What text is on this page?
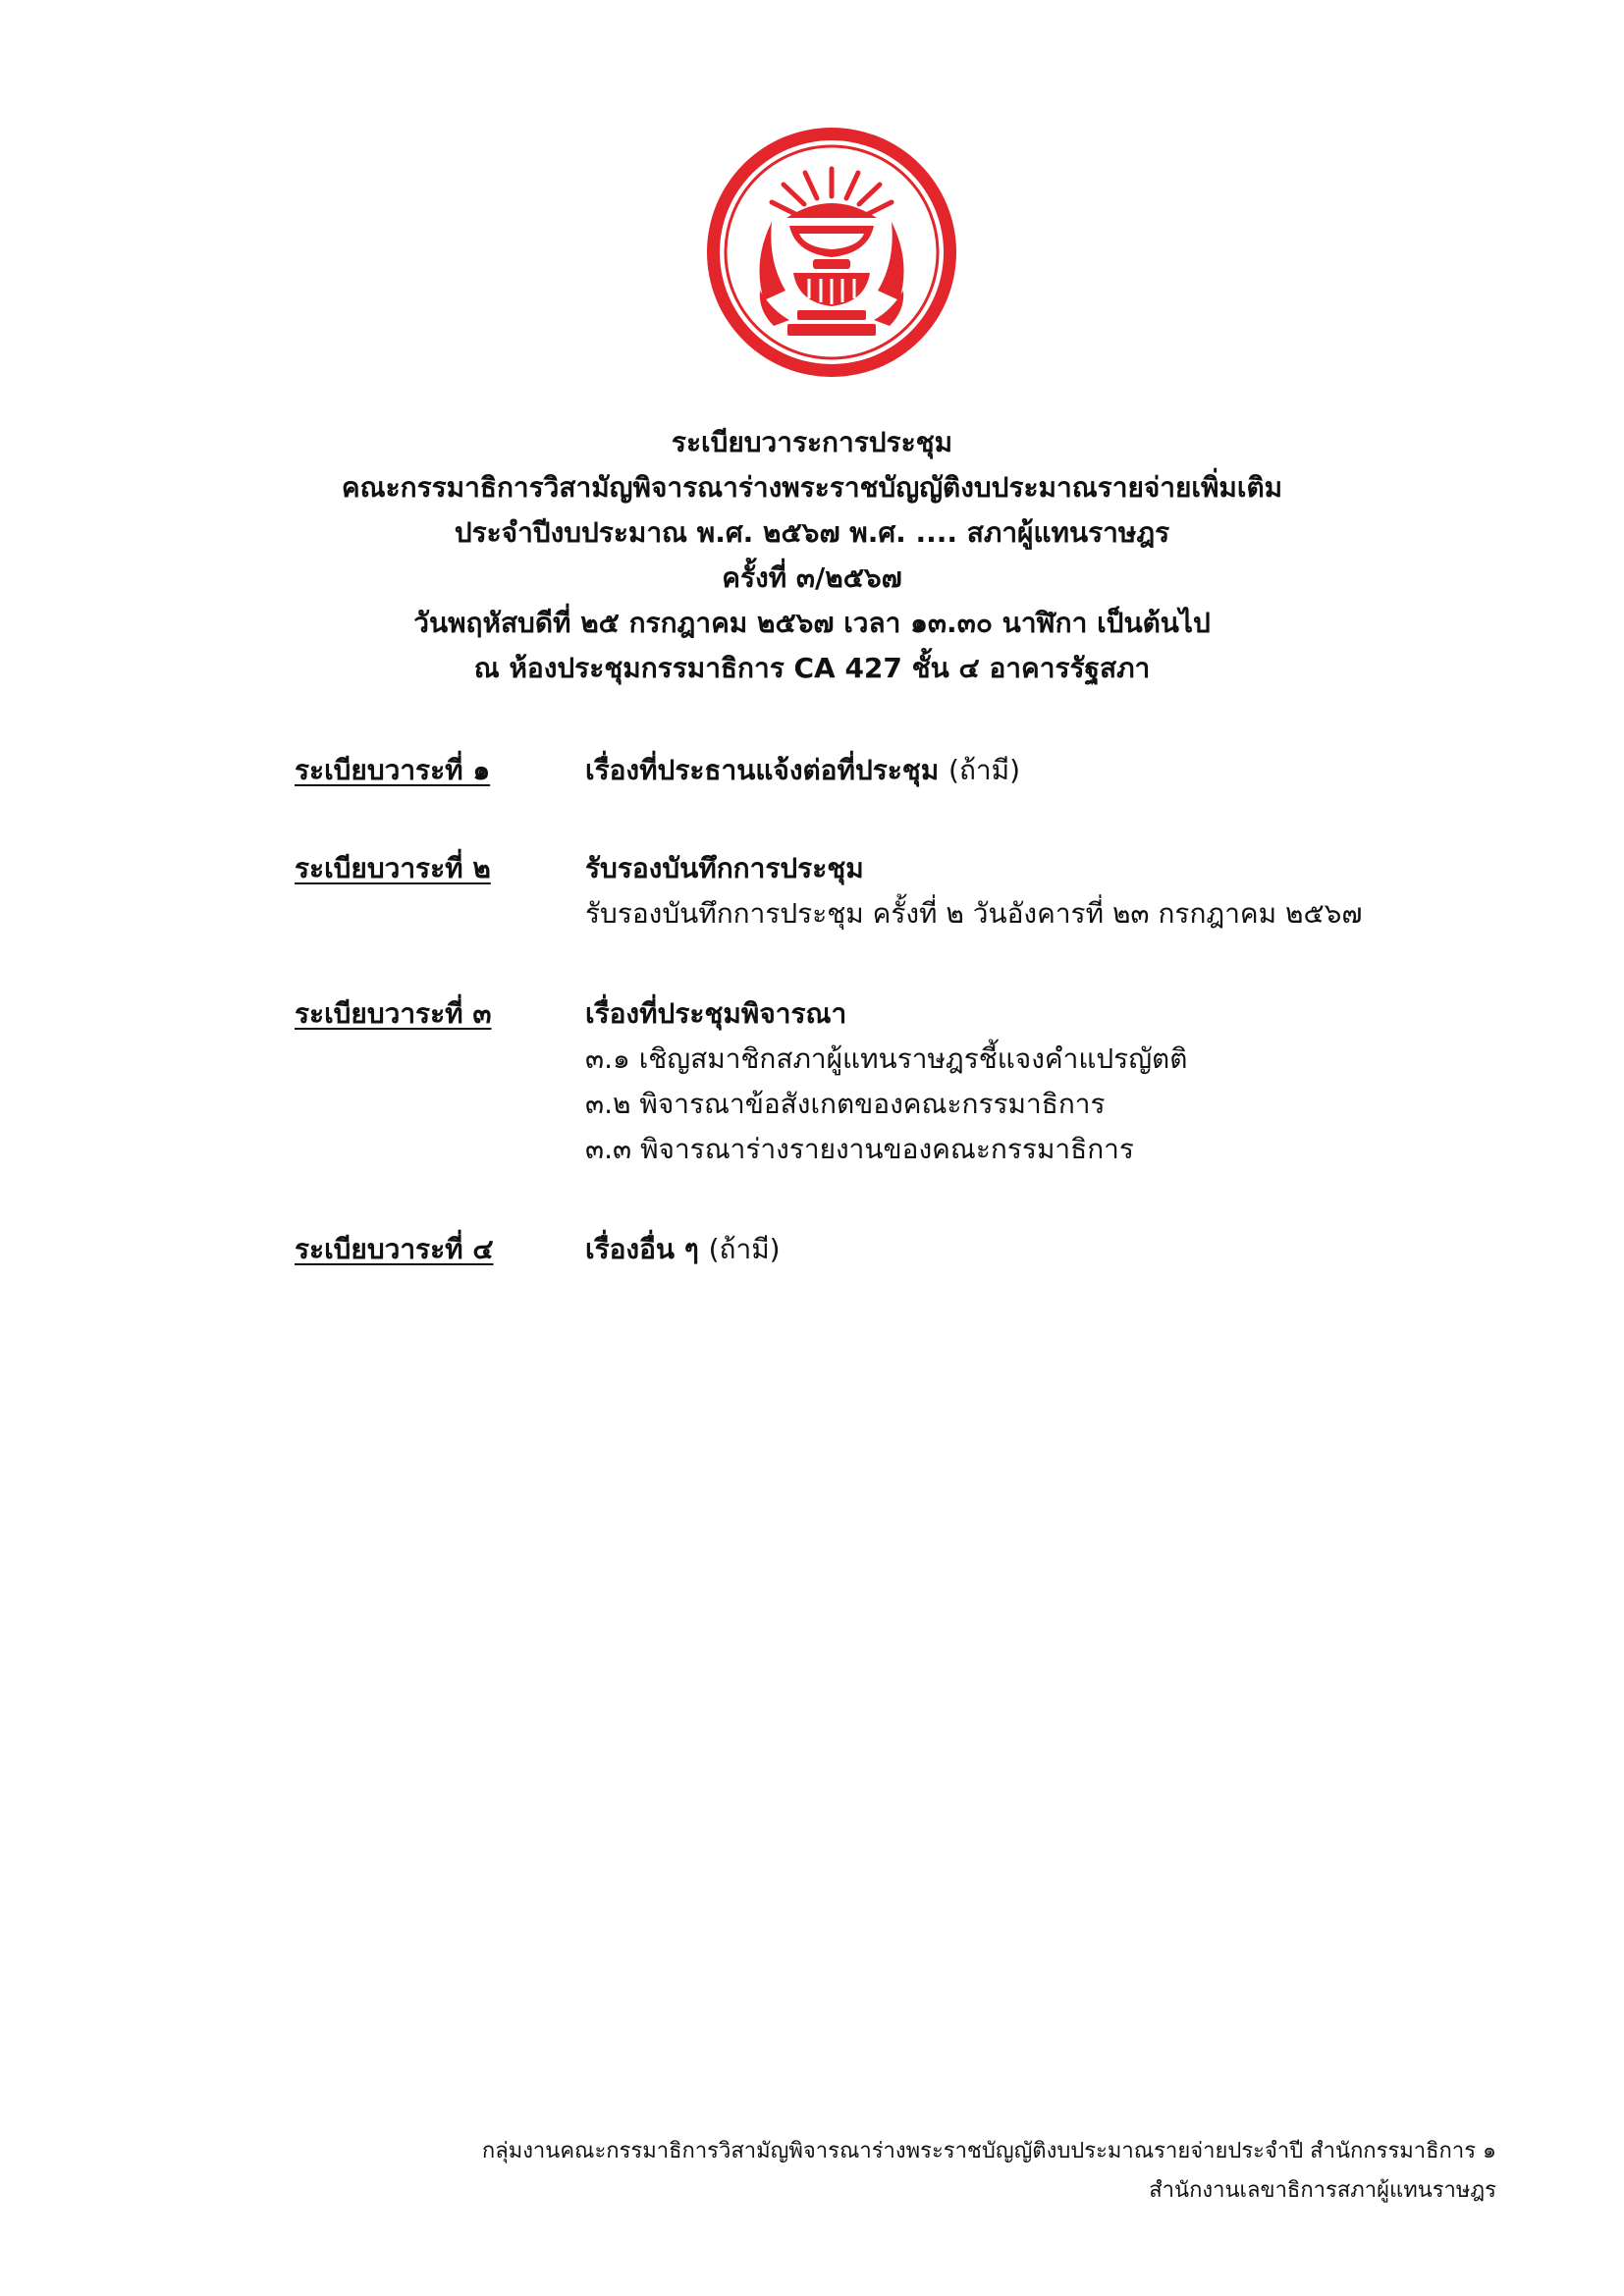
ระเบียบวาระการประชุม
คณะกรรมาธิการวิสามัญพิจารณาร่างพระราชบัญญัติงบประมาณรายจ่ายเพิ่มเติม
ประจำปีงบประมาณ พ.ศ. ๒๕๖๗ พ.ศ. .... สภาผู้แทนราษฎร
ครั้งที่ ๓/๒๕๖๗
วันพฤหัสบดีที่ ๒๕ กรกฎาคม ๒๕๖๗ เวลา ๑๓.๓๐ นาฬิกา เป็นต้นไป
ณ ห้องประชุมกรรมาธิการ CA 427 ชั้น ๔ อาคารรัฐสภา
ระเบียบวาระที่ ๑	เรื่องที่ประธานแจ้งต่อที่ประชุม (ถ้ามี)
ระเบียบวาระที่ ๒	รับรองบันทึกการประชุม
รับรองบันทึกการประชุม ครั้งที่ ๒ วันอังคารที่ ๒๓ กรกฎาคม ๒๕๖๗
ระเบียบวาระที่ ๓	เรื่องที่ประชุมพิจารณา
๓.๑ เชิญสมาชิกสภาผู้แทนราษฎรชี้แจงคำแปรญัตติ
๓.๒ พิจารณาข้อสังเกตของคณะกรรมาธิการ
๓.๓ พิจารณาร่างรายงานของคณะกรรมาธิการ
ระเบียบวาระที่ ๔	เรื่องอื่น ๆ (ถ้ามี)
กลุ่มงานคณะกรรมาธิการวิสามัญพิจารณาร่างพระราชบัญญัติงบประมาณรายจ่ายประจำปี สำนักกรรมาธิการ ๑
สำนักงานเลขาธิการสภาผู้แทนราษฎร
